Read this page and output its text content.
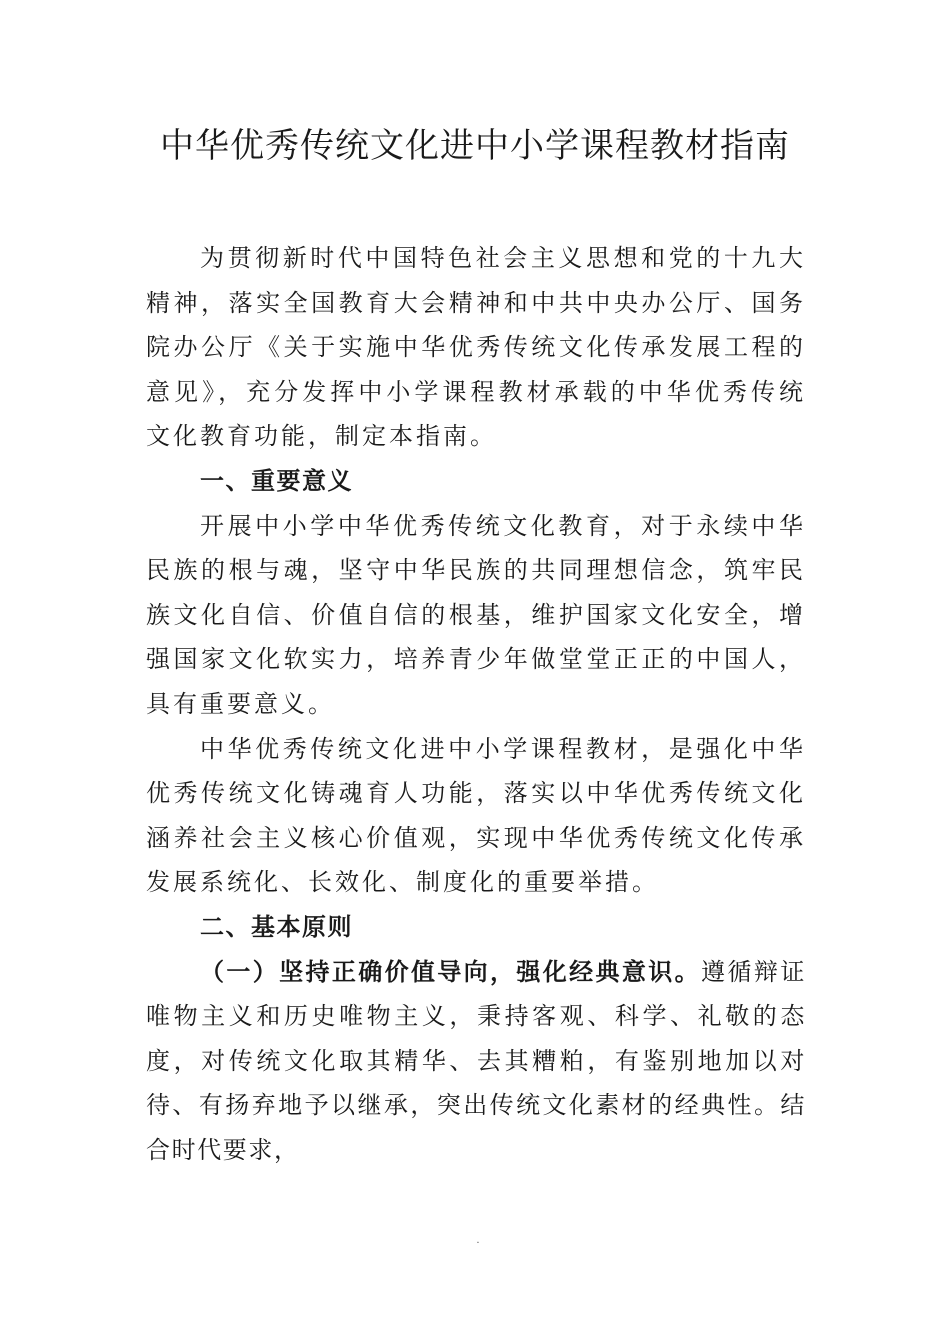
中华优秀传统文化进中小学课程教材指南

为贯彻新时代中国特色社会主义思想和党的十九大精神，落实全国教育大会精神和中共中央办公厅、国务院办公厅《关于实施中华优秀传统文化传承发展工程的意见》，充分发挥中小学课程教材承载的中华优秀传统文化教育功能，制定本指南。

一、重要意义

开展中小学中华优秀传统文化教育，对于永续中华民族的根与魂，坚守中华民族的共同理想信念，筑牢民族文化自信、价值自信的根基，维护国家文化安全，增强国家文化软实力，培养青少年做堂堂正正的中国人，具有重要意义。

中华优秀传统文化进中小学课程教材，是强化中华优秀传统文化铸魂育人功能，落实以中华优秀传统文化涵养社会主义核心价值观，实现中华优秀传统文化传承发展系统化、长效化、制度化的重要举措。

二、基本原则

（一）坚持正确价值导向，强化经典意识。遵循辩证唯物主义和历史唯物主义，秉持客观、科学、礼敬的态度，对传统文化取其精华、去其糟粕，有鉴别地加以对待、有扬弃地予以继承，突出传统文化素材的经典性。结合时代要求，

·
